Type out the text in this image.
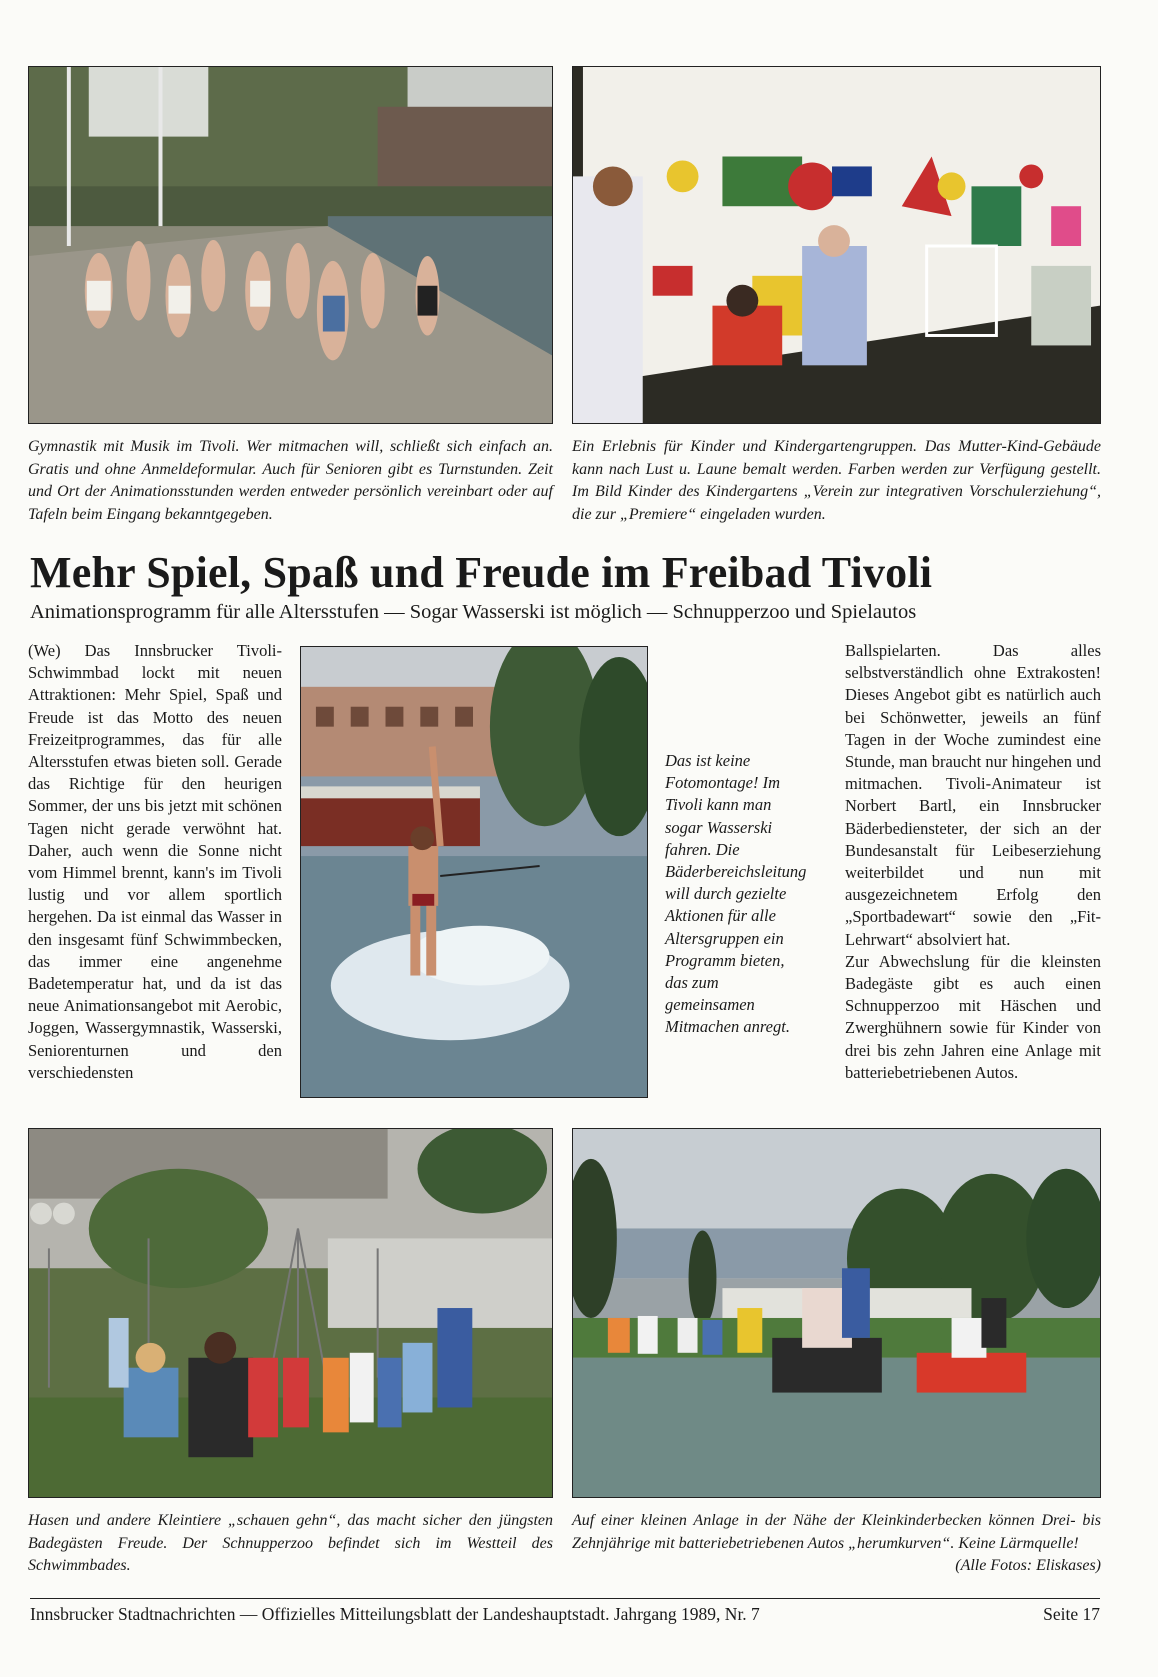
Gymnastik mit Musik im Tivoli. Wer mitmachen will, schließt sich einfach an. Gratis und ohne Anmeldeformular. Auch für Senioren gibt es Turnstunden. Zeit und Ort der Animationsstunden werden entweder persönlich vereinbart oder auf Tafeln beim Eingang bekanntgegeben.

Ein Erlebnis für Kinder und Kindergartengruppen. Das Mutter-Kind-Gebäude kann nach Lust u. Laune bemalt werden. Farben werden zur Verfügung gestellt. Im Bild Kinder des Kindergartens „Verein zur integrativen Vorschulerziehung“, die zur „Premiere“ eingeladen wurden.

Mehr Spiel, Spaß und Freude im Freibad Tivoli

Animationsprogramm für alle Altersstufen — Sogar Wasserski ist möglich — Schnupperzoo und Spielautos

(We) Das Innsbrucker Tivoli-Schwimmbad lockt mit neuen Attraktionen: Mehr Spiel, Spaß und Freude ist das Motto des neuen Freizeitprogrammes, das für alle Altersstufen etwas bieten soll. Gerade das Richtige für den heurigen Sommer, der uns bis jetzt mit schönen Tagen nicht gerade verwöhnt hat. Daher, auch wenn die Sonne nicht vom Himmel brennt, kann's im Tivoli lustig und vor allem sportlich hergehen. Da ist einmal das Wasser in den insgesamt fünf Schwimmbecken, das immer eine angenehme Badetemperatur hat, und da ist das neue Animationsangebot mit Aerobic, Joggen, Wassergymnastik, Wasserski, Seniorenturnen und den verschiedensten

Das ist keine Fotomontage! Im Tivoli kann man sogar Wasserski fahren. Die Bäderbereichsleitung will durch gezielte Aktionen für alle Altersgruppen ein Programm bieten, das zum gemeinsamen Mitmachen anregt.

Ballspielarten. Das alles selbstverständlich ohne Extrakosten! Dieses Angebot gibt es natürlich auch bei Schönwetter, jeweils an fünf Tagen in der Woche zumindest eine Stunde, man braucht nur hingehen und mitmachen. Tivoli-Animateur ist Norbert Bartl, ein Innsbrucker Bäderbediensteter, der sich an der Bundesanstalt für Leibeserziehung weiterbildet und nun mit ausgezeichnetem Erfolg den „Sportbadewart“ sowie den „Fit-Lehrwart“ absolviert hat.

Zur Abwechslung für die kleinsten Badegäste gibt es auch einen Schnupperzoo mit Häschen und Zwerghühnern sowie für Kinder von drei bis zehn Jahren eine Anlage mit batteriebetriebenen Autos.

Hasen und andere Kleintiere „schauen gehn“, das macht sicher den jüngsten Badegästen Freude. Der Schnupperzoo befindet sich im Westteil des Schwimmbades.

Auf einer kleinen Anlage in der Nähe der Kleinkinderbecken können Drei- bis Zehnjährige mit batteriebetriebenen Autos „herumkurven“. Keine Lärmquelle!
(Alle Fotos: Eliskases)
Innsbrucker Stadtnachrichten — Offizielles Mitteilungsblatt der Landeshauptstadt. Jahrgang 1989, Nr. 7	Seite 17
